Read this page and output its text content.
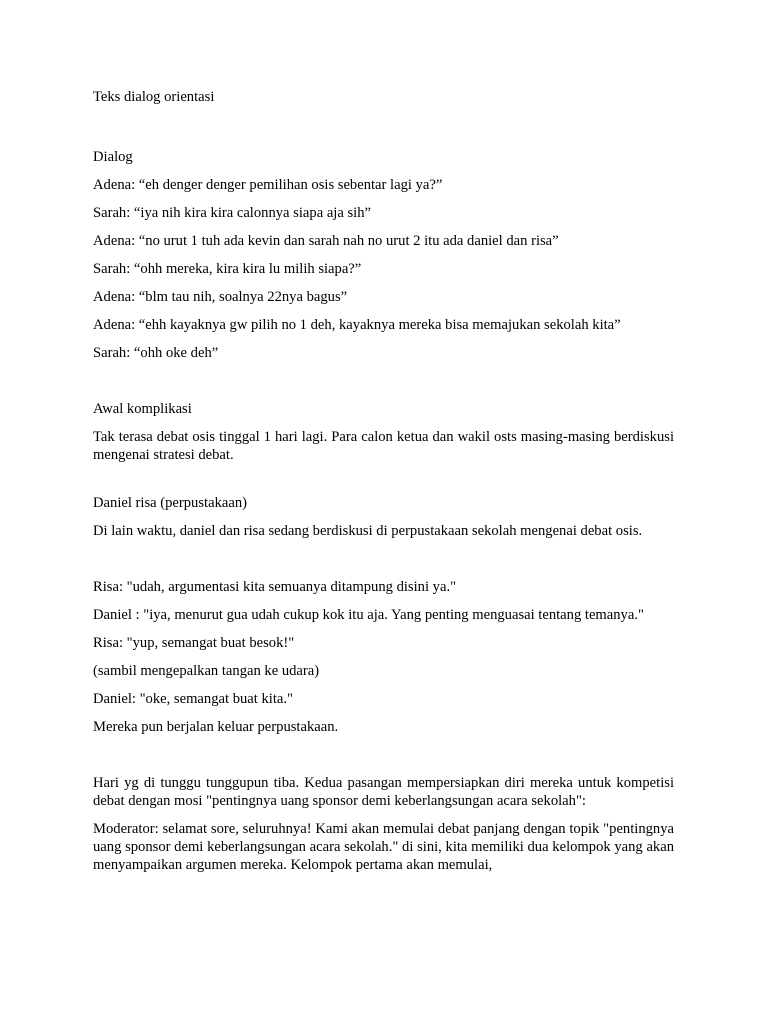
Teks dialog orientasi

Dialog

Adena: “eh denger denger pemilihan osis sebentar lagi ya?”

Sarah: “iya nih kira kira calonnya siapa aja sih”

Adena: “no urut 1 tuh ada kevin dan sarah nah no urut 2 itu ada daniel dan risa”

Sarah: “ohh mereka, kira kira lu milih siapa?”

Adena: “blm tau nih, soalnya 22nya bagus”

Adena: “ehh kayaknya gw pilih no 1 deh, kayaknya mereka bisa memajukan sekolah kita”

Sarah: “ohh oke deh”

Awal komplikasi

Tak terasa debat osis tinggal 1 hari lagi. Para calon ketua dan wakil osts masing-masing berdiskusi mengenai stratesi debat.

Daniel risa (perpustakaan)

Di lain waktu, daniel dan risa sedang berdiskusi di perpustakaan sekolah mengenai debat osis.

Risa: "udah, argumentasi kita semuanya ditampung disini ya."

Daniel : "iya, menurut gua udah cukup kok itu aja. Yang penting menguasai tentang temanya."

Risa: "yup, semangat buat besok!"

(sambil mengepalkan tangan ke udara)

Daniel: "oke, semangat buat kita."

Mereka pun berjalan keluar perpustakaan.

Hari yg di tunggu tunggupun tiba. Kedua pasangan mempersiapkan diri mereka untuk kompetisi debat dengan mosi "pentingnya uang sponsor demi keberlangsungan acara sekolah":

Moderator: selamat sore, seluruhnya! Kami akan memulai debat panjang dengan topik "pentingnya uang sponsor demi keberlangsungan acara sekolah." di sini, kita memiliki dua kelompok yang akan menyampaikan argumen mereka. Kelompok pertama akan memulai,
